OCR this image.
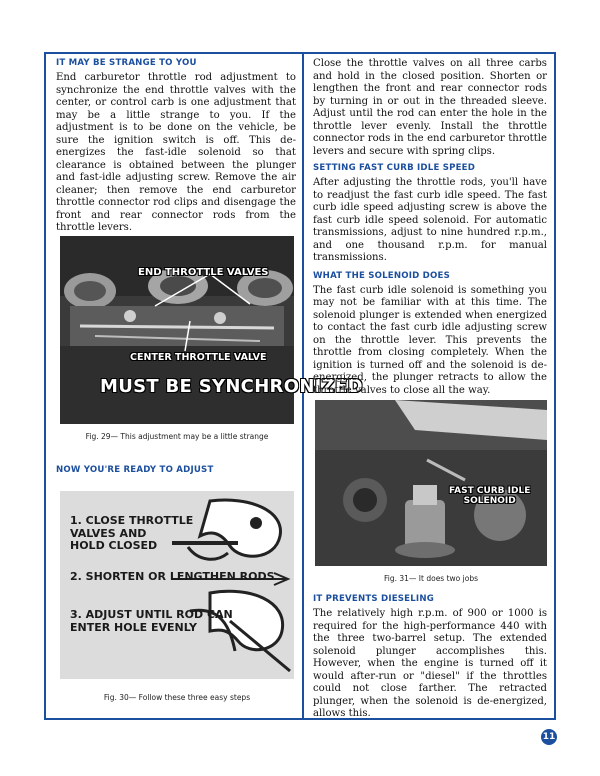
IT MAY BE STRANGE TO YOU

End carburetor throttle rod adjustment to synchronize the end throttle valves with the center, or control carb is one adjustment that may be a little strange to you. If the adjustment is to be done on the vehicle, be sure the ignition switch is off. This de-energizes the fast-idle solenoid so that clearance is obtained between the plunger and fast-idle adjusting screw. Remove the air cleaner; then remove the end carburetor throttle connector rod clips and disengage the front and rear connector rods from the throttle levers.

END THROTTLE VALVES
CENTER THROTTLE VALVE
MUST BE SYNCHRONIZED
Fig. 29— This adjustment may be a little strange
NOW YOU'RE READY TO ADJUST
1. CLOSE THROTTLE
VALVES AND
HOLD CLOSED
2. SHORTEN OR LENGTHEN RODS
3. ADJUST UNTIL ROD CAN
ENTER HOLE EVENLY
Fig. 30— Follow these three easy steps

Close the throttle valves on all three carbs and hold in the closed position. Shorten or lengthen the front and rear connector rods by turning in or out in the threaded sleeve. Adjust until the rod can enter the hole in the throttle lever evenly. Install the throttle connector rods in the end carburetor throttle levers and secure with spring clips.

SETTING FAST CURB IDLE SPEED

After adjusting the throttle rods, you'll have to readjust the fast curb idle speed. The fast curb idle speed adjusting screw is above the fast curb idle speed solenoid. For automatic transmissions, adjust to nine hundred r.p.m., and one thousand r.p.m. for manual transmissions.

WHAT THE SOLENOID DOES

The fast curb idle solenoid is something you may not be familiar with at this time. The solenoid plunger is extended when energized to contact the fast curb idle adjusting screw on the throttle lever. This prevents the throttle from closing completely. When the ignition is turned off and the solenoid is de-energized, the plunger retracts to allow the throttle valves to close all the way.

FAST CURB IDLE
SOLENOID
Fig. 31— It does two jobs
IT PREVENTS DIESELING

The relatively high r.p.m. of 900 or 1000 is required for the high-performance 440 with the three two-barrel setup. The extended solenoid plunger accomplishes this. However, when the engine is turned off it would after-run or "diesel" if the throttles could not close farther. The retracted plunger, when the solenoid is de-energized, allows this.

11
